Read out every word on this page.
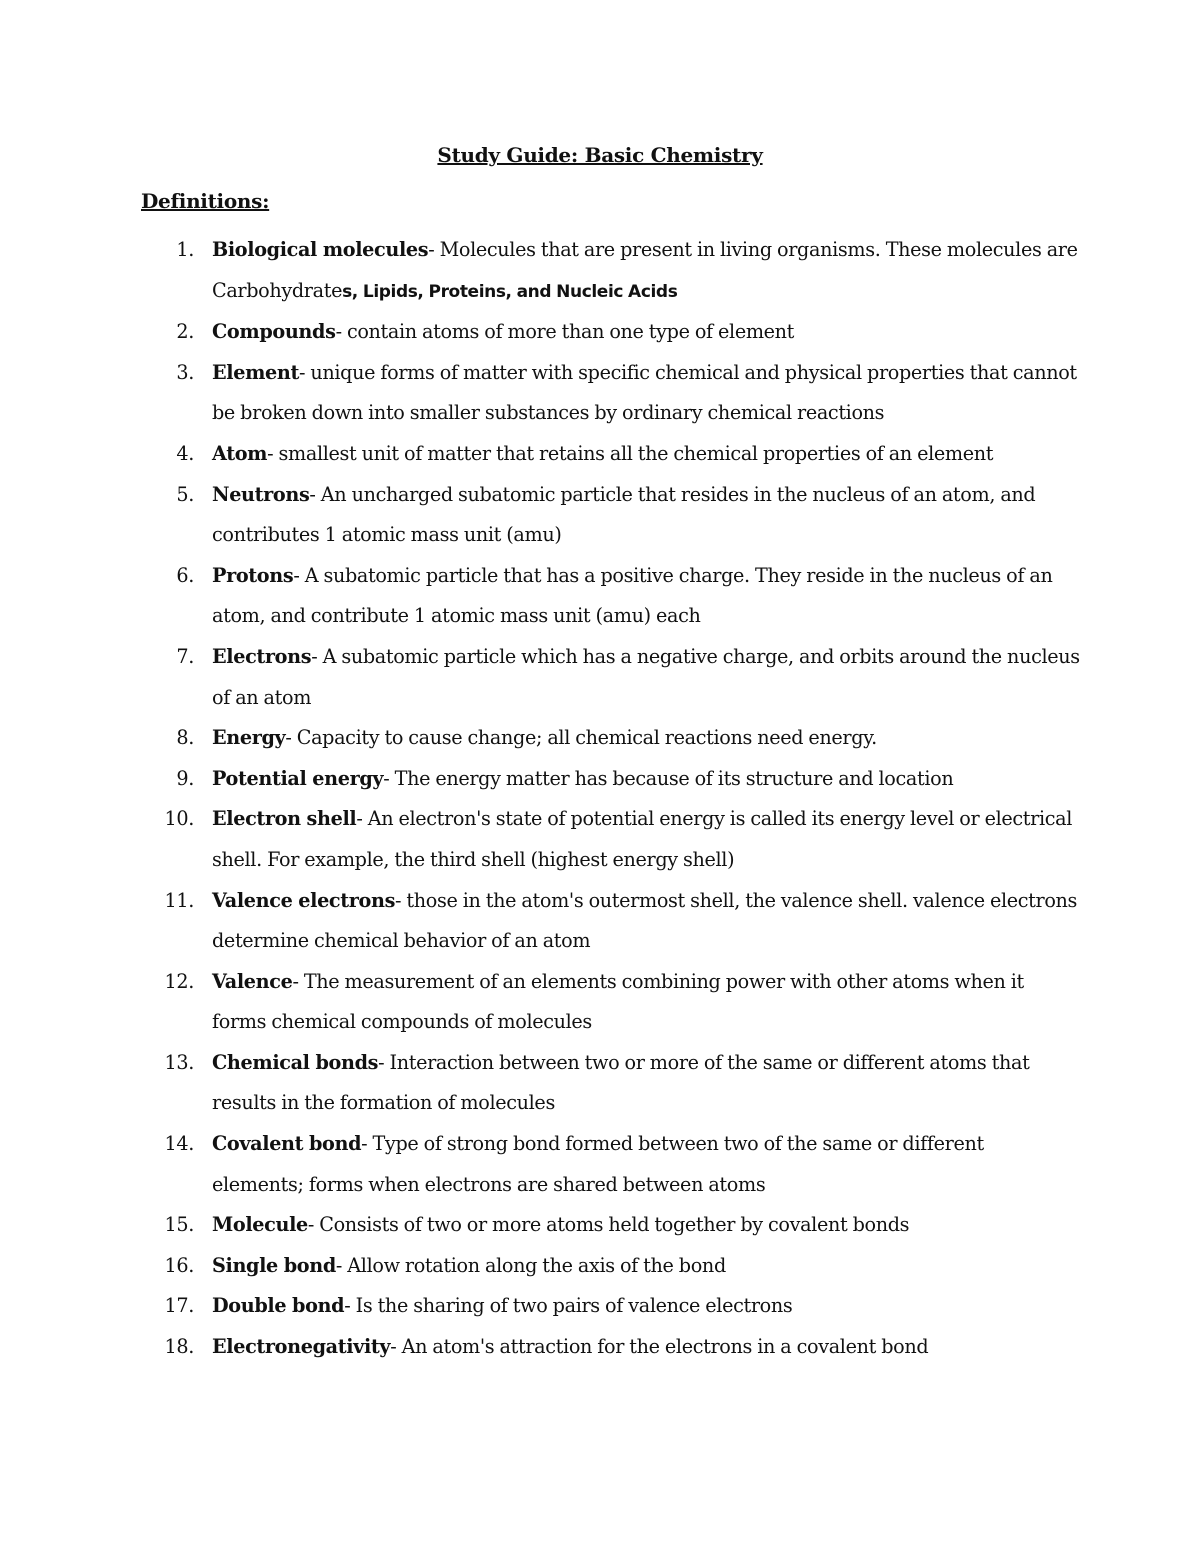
Study Guide: Basic Chemistry
Definitions:
1. Biological molecules- Molecules that are present in living organisms. These molecules are Carbohydrates, Lipids, Proteins, and Nucleic Acids
2. Compounds- contain atoms of more than one type of element
3. Element- unique forms of matter with specific chemical and physical properties that cannot be broken down into smaller substances by ordinary chemical reactions
4. Atom- smallest unit of matter that retains all the chemical properties of an element
5. Neutrons- An uncharged subatomic particle that resides in the nucleus of an atom, and contributes 1 atomic mass unit (amu)
6. Protons- A subatomic particle that has a positive charge. They reside in the nucleus of an atom, and contribute 1 atomic mass unit (amu) each
7. Electrons- A subatomic particle which has a negative charge, and orbits around the nucleus of an atom
8. Energy- Capacity to cause change; all chemical reactions need energy.
9. Potential energy- The energy matter has because of its structure and location
10. Electron shell- An electron's state of potential energy is called its energy level or electrical shell. For example, the third shell (highest energy shell)
11. Valence electrons- those in the atom's outermost shell, the valence shell. valence electrons determine chemical behavior of an atom
12. Valence- The measurement of an elements combining power with other atoms when it forms chemical compounds of molecules
13. Chemical bonds- Interaction between two or more of the same or different atoms that results in the formation of molecules
14. Covalent bond- Type of strong bond formed between two of the same or different elements; forms when electrons are shared between atoms
15. Molecule- Consists of two or more atoms held together by covalent bonds
16. Single bond- Allow rotation along the axis of the bond
17. Double bond- Is the sharing of two pairs of valence electrons
18. Electronegativity- An atom's attraction for the electrons in a covalent bond
